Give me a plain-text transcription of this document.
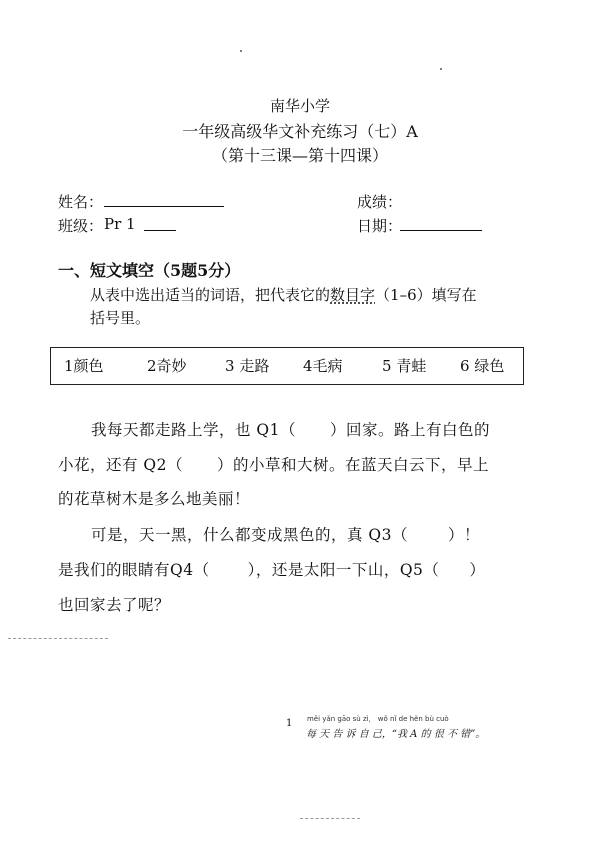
南华小学
一年级高级华文补充练习（七）A
（第十三课—第十四课）
姓名：
班级： Pr 1
成绩：
日期：
一、短文填空（5题5分）
从表中选出适当的词语，把代表它的数目字（1–6）填写在
括号里。
1颜色	2奇妙	3 走路 4毛病	5 青蛙 6 绿色
我每天都走路上学，也 Q1（ ）回家。路上有白色的
小花，还有 Q2（ ）的小草和大树。在蓝天白云下，早上
的花草树木是多么地美丽！
可是，天一黑，什么都变成黑色的，真 Q3（	）！
是我们的眼睛有Q4（ ），还是太阳一下山，Q5（ ）
也回家去了呢？
1 měi yǎn gāo sù zì， wǒ nǐ de hěn bù cuò
每 天 告 诉 自 己，“我 A 的 很 不 错”。
